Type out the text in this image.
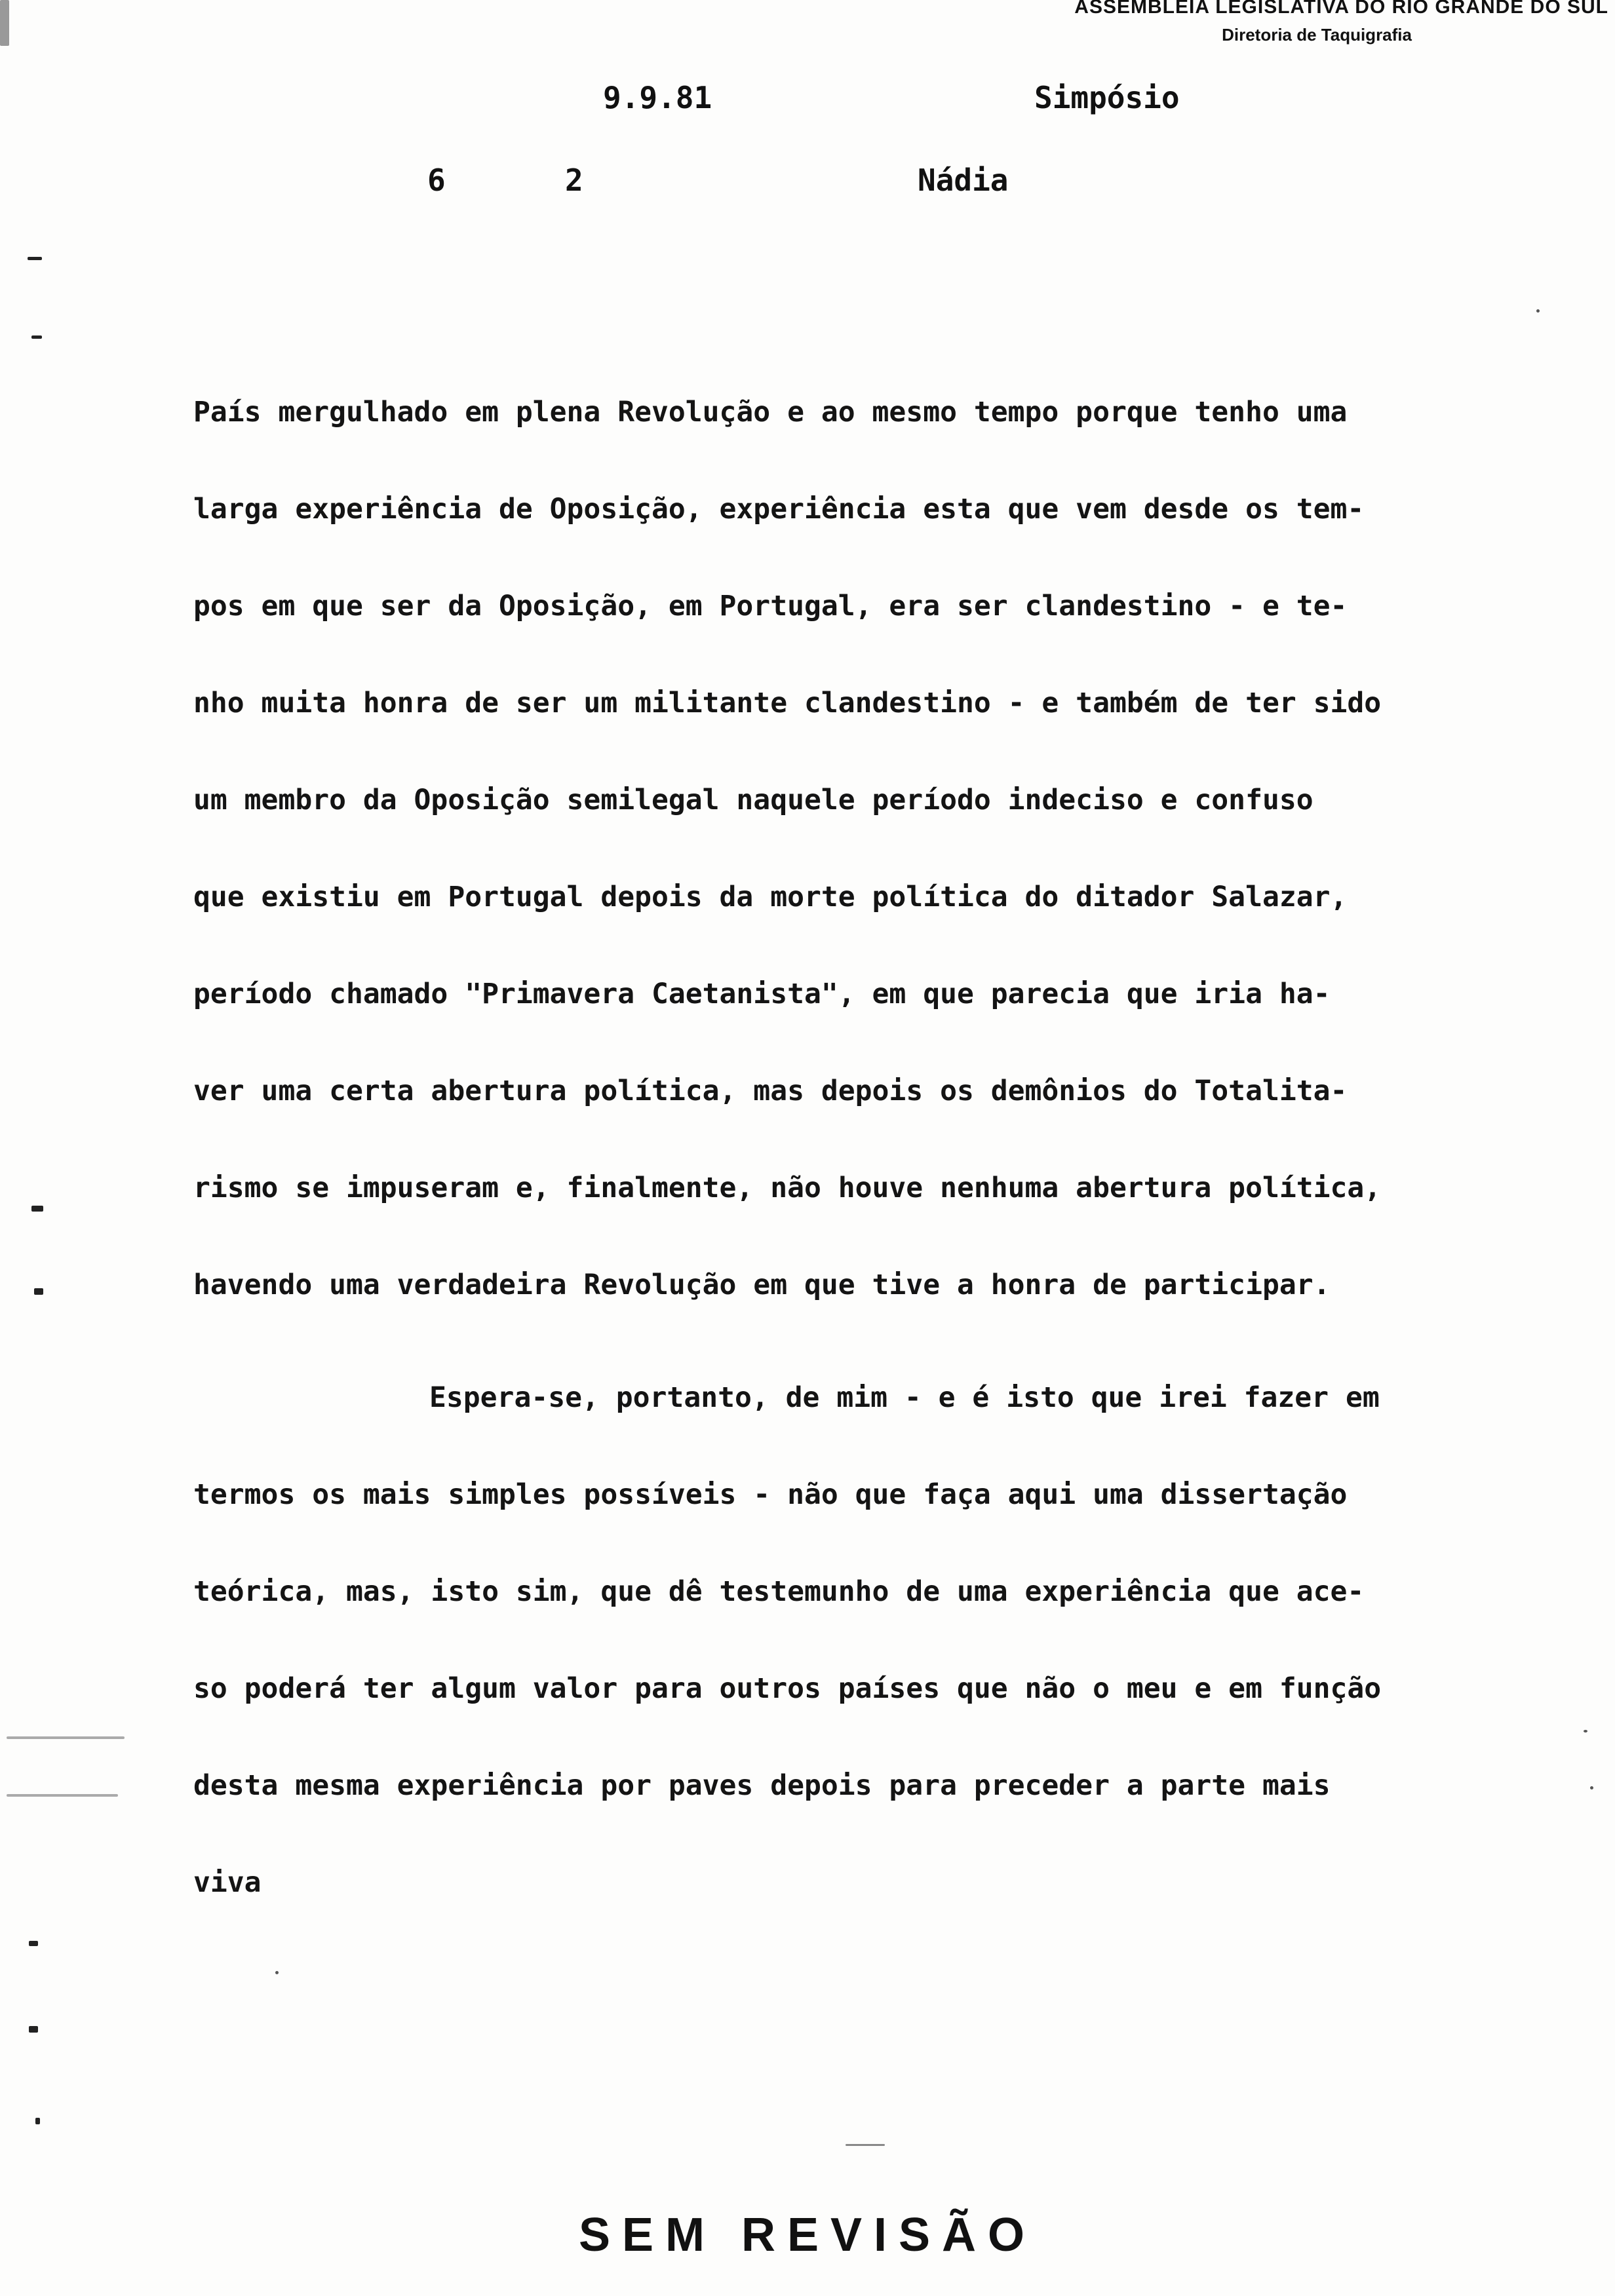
ASSEMBLEIA LEGISLATIVA DO RIO GRANDE DO SUL
Diretoria de Taquigrafia
9.9.81	Simpósio
6	2	Nádia

País mergulhado em plena Revolução e ao mesmo tempo porque tenho uma
larga experiência de Oposição, experiência esta que vem desde os tem-
pos em que ser da Oposição, em Portugal, era ser clandestino - e te-
nho muita honra de ser um militante clandestino - e também de ter sido
um membro da Oposição semilegal naquele período indeciso e confuso
que existiu em Portugal depois da morte política do ditador Salazar,
período chamado "Primavera Caetanista", em que parecia que iria ha-
ver uma certa abertura política, mas depois os demônios do Totalita-
rismo se impuseram e, finalmente, não houve nenhuma abertura política,
havendo uma verdadeira Revolução em que tive a honra de participar.

Espera-se, portanto, de mim - e é isto que irei fazer em
termos os mais simples possíveis - não que faça aqui uma dissertação
teórica, mas, isto sim, que dê testemunho de uma experiência que ace-
so poderá ter algum valor para outros países que não o meu e em função
desta mesma experiência por paves depois para preceder a parte mais
viva

SEM REVISÃO
